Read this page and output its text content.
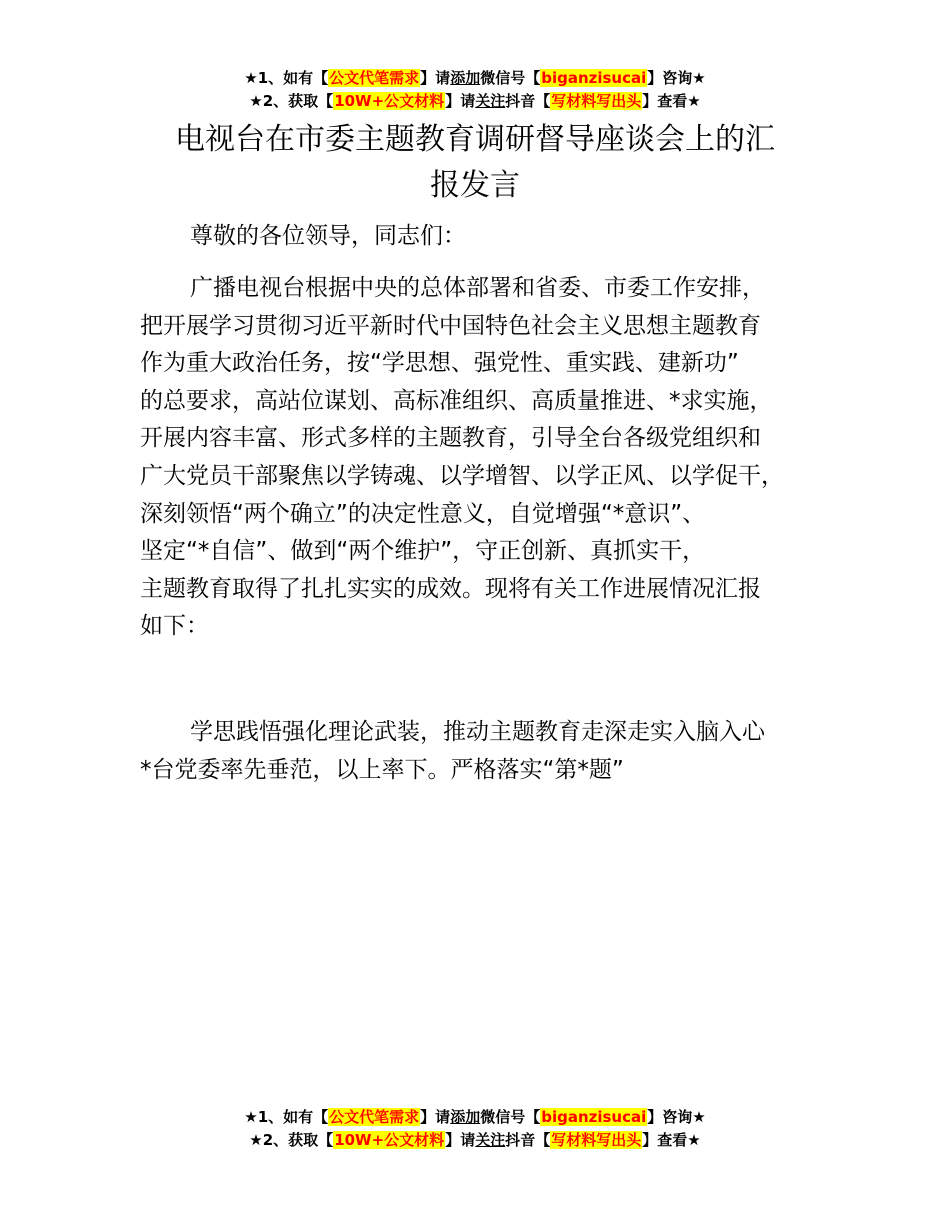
★1、如有【公文代笔需求】请添加微信号【biganzisucai】咨询★
★2、获取【10W+公文材料】请关注抖音【写材料写出头】查看★
电视台在市委主题教育调研督导座谈会上的汇
报发言

尊敬的各位领导，同志们：

广播电视台根据中央的总体部署和省委、市委工作安排，

把开展学习贯彻习近平新时代中国特色社会主义思想主题教育

作为重大政治任务，按“学思想、强党性、重实践、建新功”

的总要求，高站位谋划、高标准组织、高质量推进、*求实施，

开展内容丰富、形式多样的主题教育，引导全台各级党组织和

广大党员干部聚焦以学铸魂、以学增智、以学正风、以学促干，

深刻领悟“两个确立”的决定性意义，自觉增强“*意识”、

坚定“*自信”、做到“两个维护”，守正创新、真抓实干，

主题教育取得了扎扎实实的成效。现将有关工作进展情况汇报

如下：

学思践悟强化理论武装，推动主题教育走深走实入脑入心

*台党委率先垂范，以上率下。严格落实“第*题”

★1、如有【公文代笔需求】请添加微信号【biganzisucai】咨询★
★2、获取【10W+公文材料】请关注抖音【写材料写出头】查看★
